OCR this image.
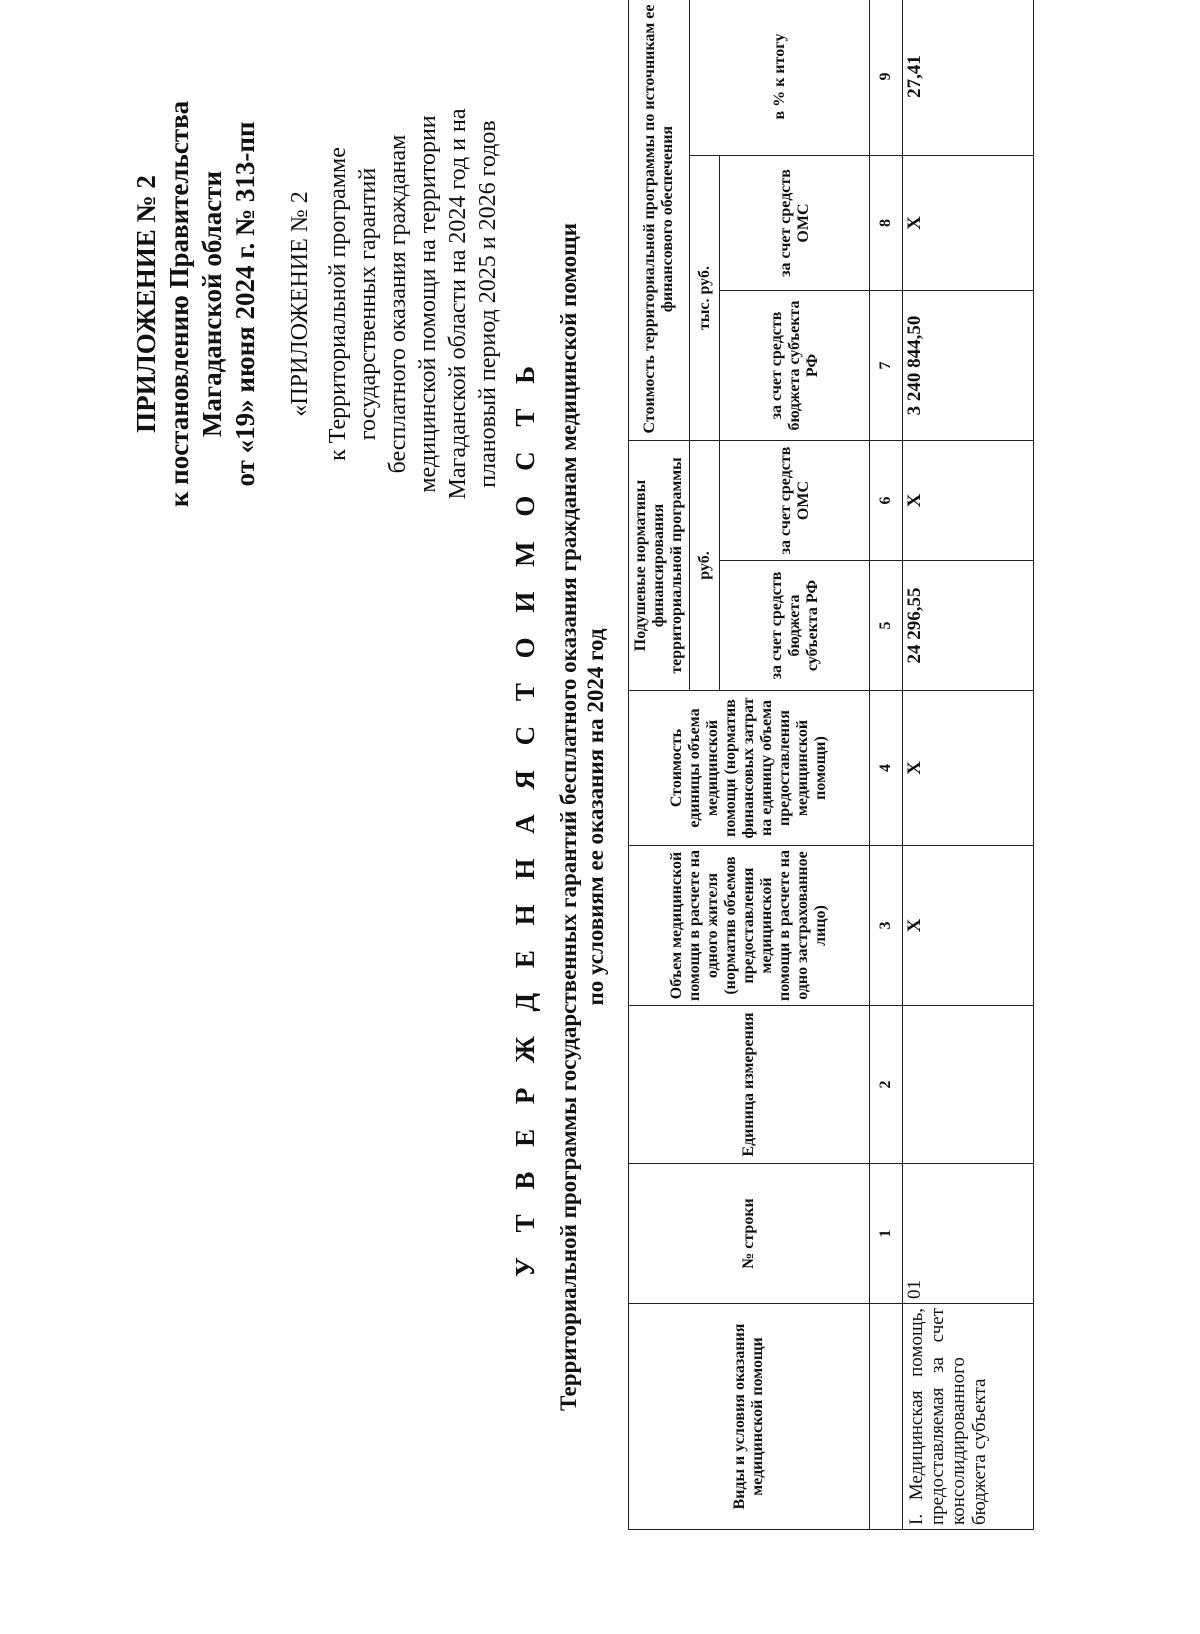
ПРИЛОЖЕНИЕ № 2 к постановлению Правительства Магаданской области от «19» июня 2024 г. № 313-пп «ПРИЛОЖЕНИЕ № 2 к Территориальной программе государственных гарантий бесплатного оказания гражданам медицинской помощи на территории Магаданской области на 2024 год и на плановый период 2025 и 2026 годов
У Т В Е Р Ж Д Е Н Н А Я С Т О И М О С Т Ь Территориальной программы государственных гарантий бесплатного оказания гражданам медицинской помощи по условиям ее оказания на 2024 год
Виды и условия оказания медицинской помощи	№ строки	Единица измерения	Объем медицинской помощи в расчете на одного жителя (норматив объемов предоставления медицинской помощи в расчете на одно застрахованное лицо)	Стоимость единицы объема медицинской помощи (норматив финансовых затрат на единицу объема предоставления медицинской помощи)	Подушевые нормативы финансирования территориальной программы		Стоимость территориальной программы по источникам ее финансового обеспечения		
					руб.		тыс. руб.		в % к итогу
					за счет средств бюджета субъекта РФ	за счет средств ОМС	за счет средств бюджета субъекта РФ	за счет средств ОМС	
	1	2	3	4	5	6	7	8	9
I. Медицинская помощь, предоставляемая за счет консолидированного бюджета субъекта	01		Х	Х	24 296,55	Х	3 240 844,50	Х	27,41
